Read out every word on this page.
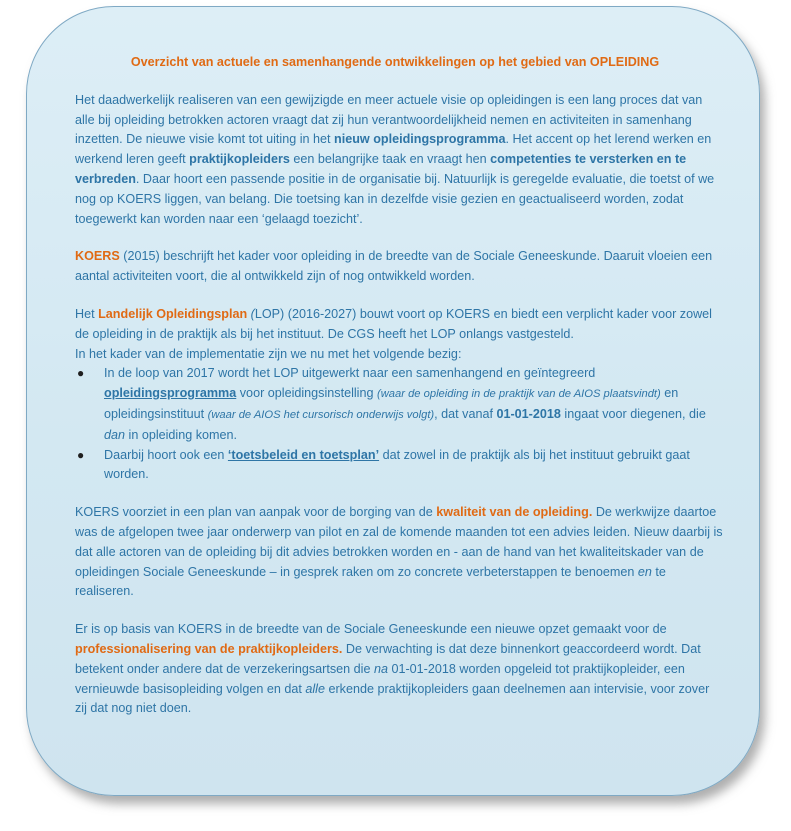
Overzicht van actuele en samenhangende ontwikkelingen op het gebied van OPLEIDING

Het daadwerkelijk realiseren van een gewijzigde en meer actuele visie op opleidingen is een lang proces dat van alle bij opleiding betrokken actoren vraagt dat zij hun verantwoordelijkheid nemen en activiteiten in samenhang inzetten. De nieuwe visie komt tot uiting in het nieuw opleidingsprogramma. Het accent op het lerend werken en werkend leren geeft praktijkopleiders een belangrijke taak en vraagt hen competenties te versterken en te verbreden. Daar hoort een passende positie in de organisatie bij. Natuurlijk is geregelde evaluatie, die toetst of we nog op KOERS liggen, van belang. Die toetsing kan in dezelfde visie gezien en geactualiseerd worden, zodat toegewerkt kan worden naar een ‘gelaagd toezicht’.

KOERS (2015) beschrijft het kader voor opleiding in de breedte van de Sociale Geneeskunde. Daaruit vloeien een aantal activiteiten voort, die al ontwikkeld zijn of nog ontwikkeld worden.

Het Landelijk Opleidingsplan (LOP) (2016-2027) bouwt voort op KOERS en biedt een verplicht kader voor zowel de opleiding in de praktijk als bij het instituut. De CGS heeft het LOP onlangs vastgesteld.

In het kader van de implementatie zijn we nu met het volgende bezig:

● In de loop van 2017 wordt het LOP uitgewerkt naar een samenhangend en geïntegreerd opleidingsprogramma voor opleidingsinstelling (waar de opleiding in de praktijk van de AIOS plaatsvindt) en opleidingsinstituut (waar de AIOS het cursorisch onderwijs volgt), dat vanaf 01-01-2018 ingaat voor diegenen, die dan in opleiding komen.
● Daarbij hoort ook een ‘toetsbeleid en toetsplan’ dat zowel in de praktijk als bij het instituut gebruikt gaat worden.

KOERS voorziet in een plan van aanpak voor de borging van de kwaliteit van de opleiding. De werkwijze daartoe was de afgelopen twee jaar onderwerp van pilot en zal de komende maanden tot een advies leiden. Nieuw daarbij is dat alle actoren van de opleiding bij dit advies betrokken worden en - aan de hand van het kwaliteitskader van de opleidingen Sociale Geneeskunde – in gesprek raken om zo concrete verbeterstappen te benoemen en te realiseren.

Er is op basis van KOERS in de breedte van de Sociale Geneeskunde een nieuwe opzet gemaakt voor de professionalisering van de praktijkopleiders. De verwachting is dat deze binnenkort geaccordeerd wordt. Dat betekent onder andere dat de verzekeringsartsen die na 01-01-2018 worden opgeleid tot praktijkopleider, een vernieuwde basisopleiding volgen en dat alle erkende praktijkopleiders gaan deelnemen aan intervisie, voor zover zij dat nog niet doen.
